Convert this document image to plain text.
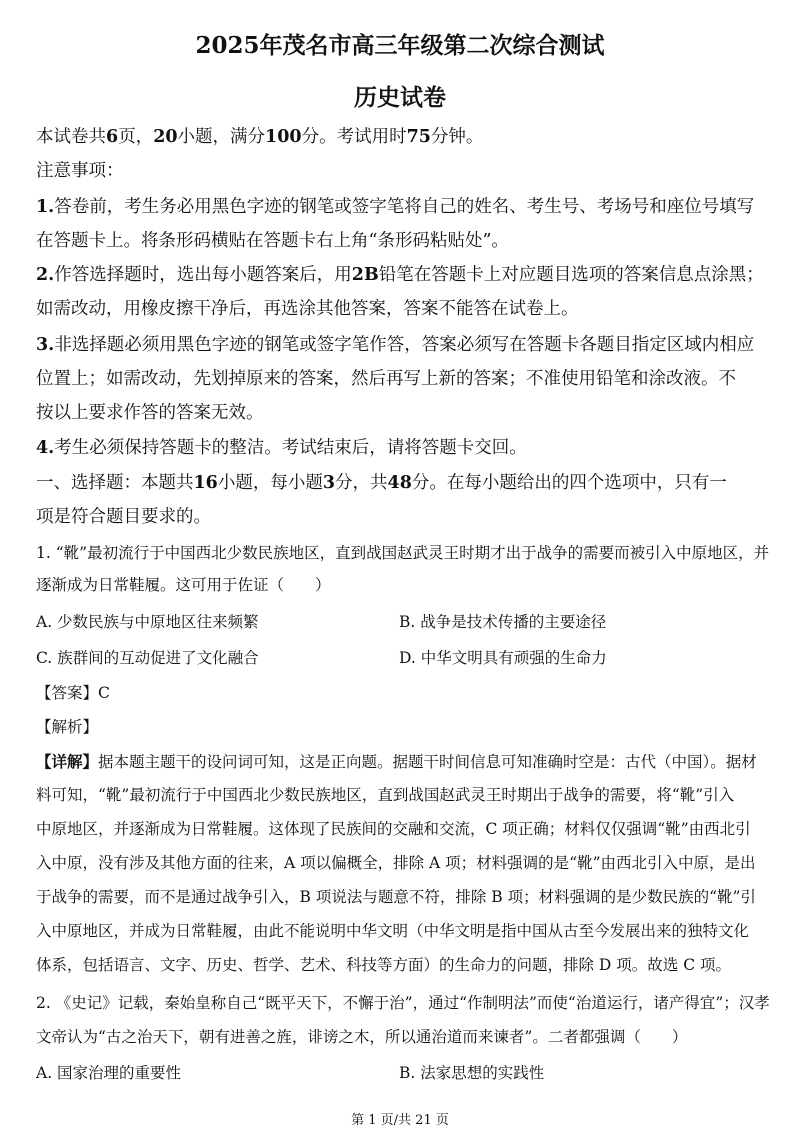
2025年茂名市高三年级第二次综合测试
历史试卷
本试卷共6页，20小题，满分100分。考试用时75分钟。
注意事项：
1.答卷前，考生务必用黑色字迹的钢笔或签字笔将自己的姓名、考生号、考场号和座位号填写
在答题卡上。将条形码横贴在答题卡右上角“条形码粘贴处”。
2.作答选择题时，选出每小题答案后，用2B铅笔在答题卡上对应题目选项的答案信息点涂黑；
如需改动，用橡皮擦干净后，再选涂其他答案，答案不能答在试卷上。
3.非选择题必须用黑色字迹的钢笔或签字笔作答，答案必须写在答题卡各题目指定区域内相应
位置上；如需改动，先划掉原来的答案，然后再写上新的答案；不准使用铅笔和涂改液。不
按以上要求作答的答案无效。
4.考生必须保持答题卡的整洁。考试结束后，请将答题卡交回。
一、选择题：本题共16小题，每小题3分，共48分。在每小题给出的四个选项中，只有一
项是符合题目要求的。
1. “靴”最初流行于中国西北少数民族地区，直到战国赵武灵王时期才出于战争的需要而被引入中原地区，并
逐渐成为日常鞋履。这可用于佐证（　　）
A. 少数民族与中原地区往来频繁	B. 战争是技术传播的主要途径
C. 族群间的互动促进了文化融合	D. 中华文明具有顽强的生命力
【答案】C
【解析】
【详解】据本题主题干的设问词可知，这是正向题。据题干时间信息可知准确时空是：古代（中国）。据材
料可知，“靴”最初流行于中国西北少数民族地区，直到战国赵武灵王时期出于战争的需要，将“靴”引入
中原地区，并逐渐成为日常鞋履。这体现了民族间的交融和交流，C 项正确；材料仅仅强调“靴”由西北引
入中原，没有涉及其他方面的往来，A 项以偏概全，排除 A 项；材料强调的是“靴”由西北引入中原，是出
于战争的需要，而不是通过战争引入，B 项说法与题意不符，排除 B 项；材料强调的是少数民族的“靴”引
入中原地区，并成为日常鞋履，由此不能说明中华文明（中华文明是指中国从古至今发展出来的独特文化
体系，包括语言、文字、历史、哲学、艺术、科技等方面）的生命力的问题，排除 D 项。故选 C 项。
2. 《史记》记载，秦始皇称自己“既平天下，不懈于治”，通过“作制明法”而使“治道运行，诸产得宜”；汉孝
文帝认为“古之治天下，朝有进善之旌，诽谤之木，所以通治道而来谏者”。二者都强调（　　）
A. 国家治理的重要性	B. 法家思想的实践性
第 1 页/共 21 页
